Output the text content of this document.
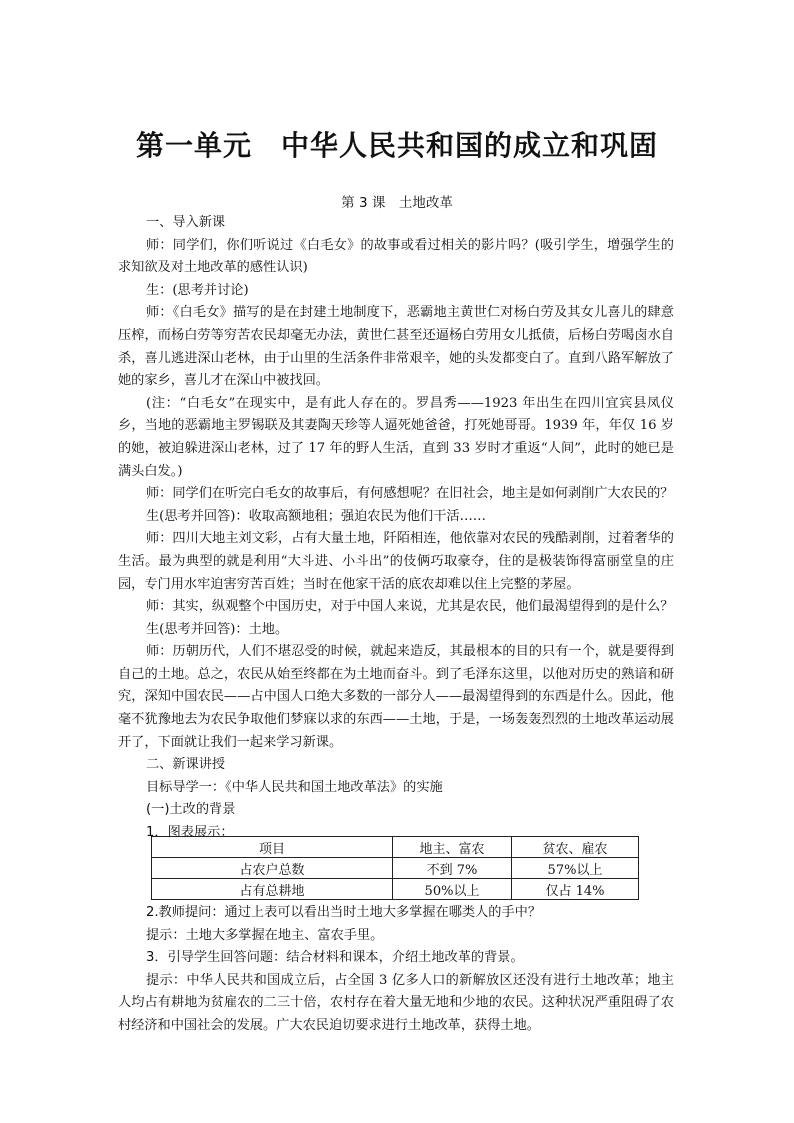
第一单元　中华人民共和国的成立和巩固
第 3 课　土地改革

一、导入新课

师：同学们，你们听说过《白毛女》的故事或看过相关的影片吗？(吸引学生，增强学生的求知欲及对土地改革的感性认识)

生：(思考并讨论)

师：《白毛女》描写的是在封建土地制度下，恶霸地主黄世仁对杨白劳及其女儿喜儿的肆意压榨，而杨白劳等穷苦农民却毫无办法，黄世仁甚至还逼杨白劳用女儿抵债，后杨白劳喝卤水自杀，喜儿逃进深山老林，由于山里的生活条件非常艰辛，她的头发都变白了。直到八路军解放了她的家乡，喜儿才在深山中被找回。

(注：“白毛女”在现实中，是有此人存在的。罗昌秀——1923 年出生在四川宜宾县凤仪乡，当地的恶霸地主罗锡联及其妻陶天珍等人逼死她爸爸，打死她哥哥。1939 年，年仅 16 岁的她，被迫躲进深山老林，过了 17 年的野人生活，直到 33 岁时才重返“人间”，此时的她已是满头白发。)

师：同学们在听完白毛女的故事后，有何感想呢？在旧社会，地主是如何剥削广大农民的？

生(思考并回答)：收取高额地租；强迫农民为他们干活……

师：四川大地主刘文彩，占有大量土地，阡陌相连，他依靠对农民的残酷剥削，过着奢华的生活。最为典型的就是利用“大斗进、小斗出”的伎俩巧取豪夺，住的是极装饰得富丽堂皇的庄园，专门用水牢迫害穷苦百姓；当时在他家干活的底农却难以住上完整的茅屋。

师：其实，纵观整个中国历史，对于中国人来说，尤其是农民，他们最渴望得到的是什么？

生(思考并回答)：土地。

师：历朝历代，人们不堪忍受的时候，就起来造反，其最根本的目的只有一个，就是要得到自己的土地。总之，农民从始至终都在为土地而奋斗。到了毛泽东这里，以他对历史的熟谙和研究，深知中国农民——占中国人口绝大多数的一部分人——最渴望得到的东西是什么。因此，他毫不犹豫地去为农民争取他们梦寐以求的东西——土地，于是，一场轰轰烈烈的土地改革运动展开了，下面就让我们一起来学习新课。

二、新课讲授

目标导学一：《中华人民共和国土地改革法》的实施

(一)土改的背景

1．图表展示：

项目	地主、富农	贫农、雇农
占农户总数	不到 7%	57%以上
占有总耕地	50%以上	仅占 14%

2.教师提问：通过上表可以看出当时土地大多掌握在哪类人的手中？

提示：土地大多掌握在地主、富农手里。

3．引导学生回答问题：结合材料和课本，介绍土地改革的背景。

提示：中华人民共和国成立后，占全国 3 亿多人口的新解放区还没有进行土地改革；地主人均占有耕地为贫雇农的二三十倍，农村存在着大量无地和少地的农民。这种状况严重阻碍了农村经济和中国社会的发展。广大农民迫切要求进行土地改革，获得土地。
